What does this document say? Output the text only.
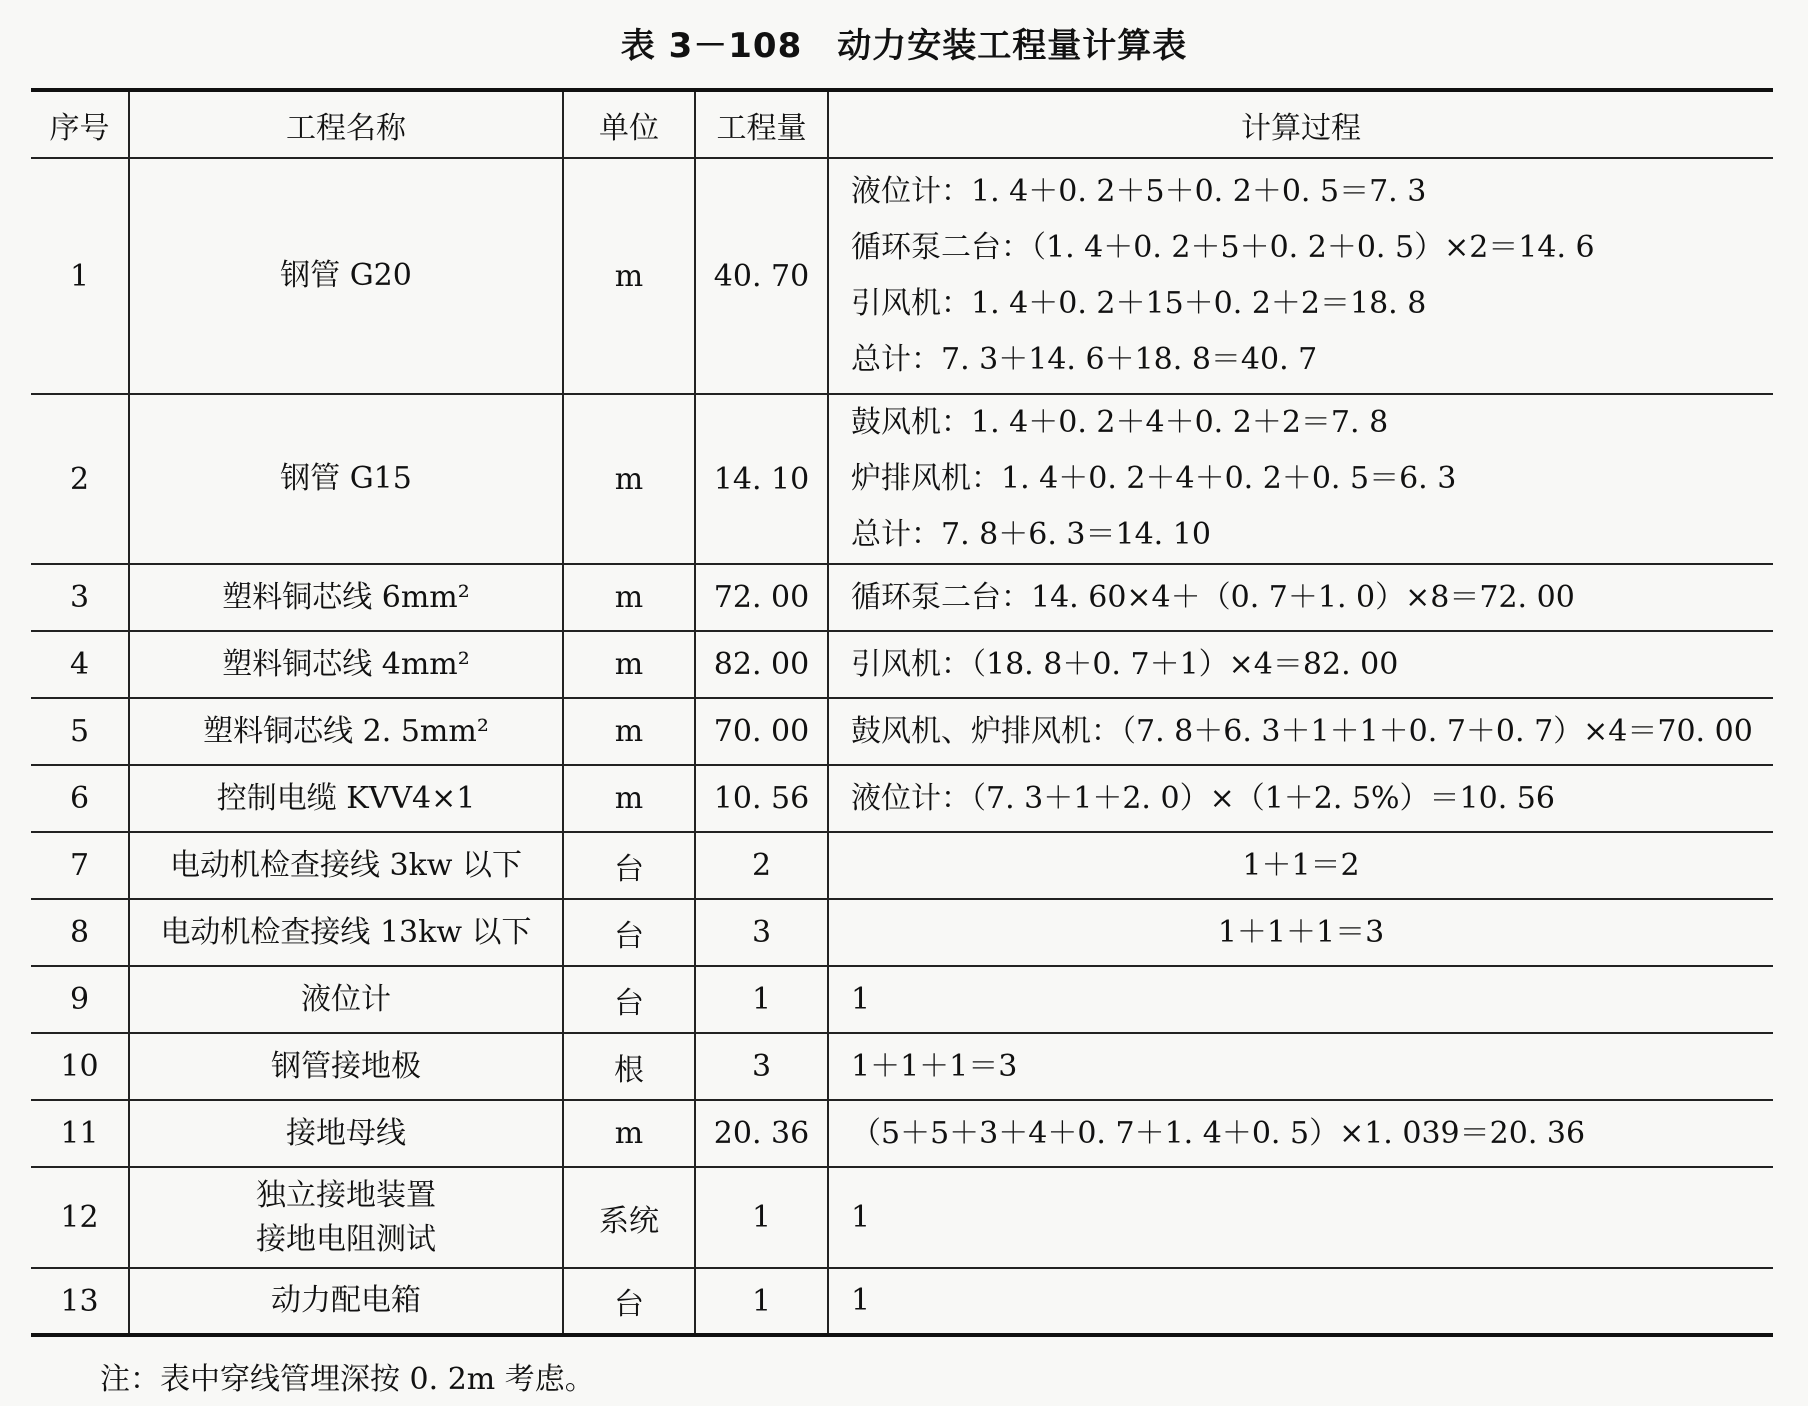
表 3－108　动力安装工程量计算表
序号	工程名称	单位	工程量	计算过程
1	钢管 G20	m	40. 70	液位计：1. 4＋0. 2＋5＋0. 2＋0. 5＝7. 3
循环泵二台：（1. 4＋0. 2＋5＋0. 2＋0. 5）×2＝14. 6
引风机：1. 4＋0. 2＋15＋0. 2＋2＝18. 8
总计：7. 3＋14. 6＋18. 8＝40. 7

2	钢管 G15	m	14. 10	鼓风机：1. 4＋0. 2＋4＋0. 2＋2＝7. 8
炉排风机：1. 4＋0. 2＋4＋0. 2＋0. 5＝6. 3
总计：7. 8＋6. 3＝14. 10

3	塑料铜芯线 6mm²	m	72. 00	循环泵二台：14. 60×4＋（0. 7＋1. 0）×8＝72. 00

4	塑料铜芯线 4mm²	m	82. 00	引风机：（18. 8＋0. 7＋1）×4＝82. 00

5	塑料铜芯线 2. 5mm²	m	70. 00	鼓风机、炉排风机：（7. 8＋6. 3＋1＋1＋0. 7＋0. 7）×4＝70. 00

6	控制电缆 KVV4×1	m	10. 56	液位计：（7. 3＋1＋2. 0）×（1＋2. 5%）＝10. 56

7	电动机检查接线 3kw 以下	台	2	1＋1＝2

8	电动机检查接线 13kw 以下	台	3	1＋1＋1＝3

9	液位计	台	1	1

10	钢管接地极	根	3	1＋1＋1＝3

11	接地母线	m	20. 36	（5＋5＋3＋4＋0. 7＋1. 4＋0. 5）×1. 039＝20. 36

12	独立接地装置
接地电阻测试	系统	1	1

13	动力配电箱	台	1	1
注：表中穿线管埋深按 0. 2m 考虑。
